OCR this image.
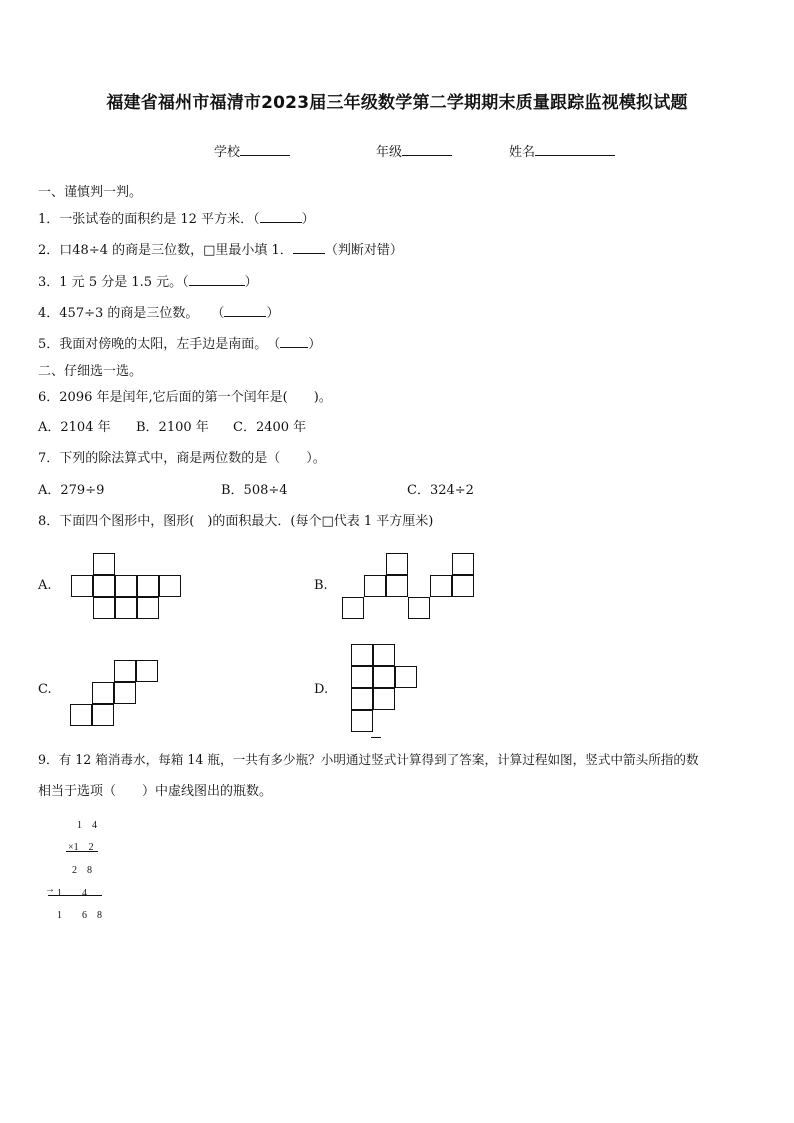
福建省福州市福清市2023届三年级数学第二学期期末质量跟踪监视模拟试题
学校	年级	姓名
一、谨慎判一判。
1．一张试卷的面积约是 12 平方米．（	）
2．口48÷4 的商是三位数，□里最小填 1． （判断对错）
3．1 元 5 分是 1.5 元。（	）
4．457÷3 的商是三位数。　　（	）
5．我面对傍晚的太阳，左手边是南面。　（ ）
二、仔细选一选。
6．2096 年是闰年,它后面的第一个闰年是(　　)。
A．2104 年 B．2100 年 C．2400 年
7．下列的除法算式中，商是两位数的是（　　）。
A．279÷9	B．508÷4	C．324÷2
8．下面四个图形中，图形(　)的面积最大．(每个□代表 1 平方厘米)
A.	B.
C.	D.
9．有 12 箱消毒水，每箱 14 瓶，一共有多少瓶？小明通过竖式计算得到了答案，计算过程如图，竖式中箭头所指的数
相当于选项（　　）中虚线图出的瓶数。
1　4
×1　2
2　8
→ 1　　4
1　　6　8
